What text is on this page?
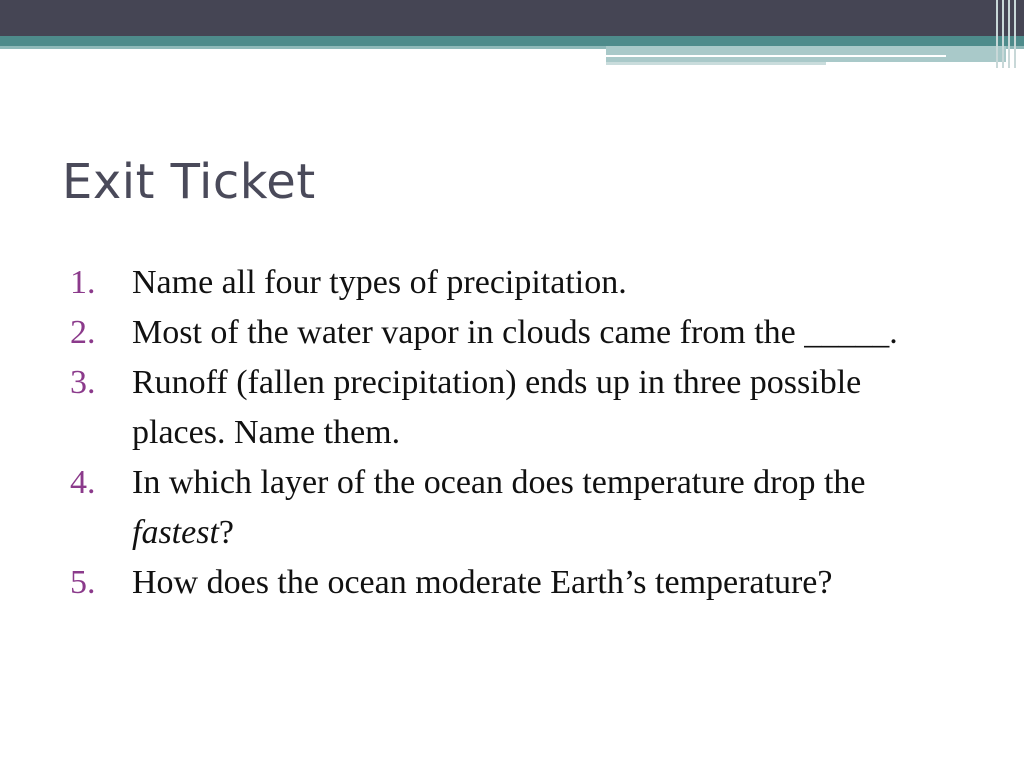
Exit Ticket
1.	Name all four types of precipitation.
2.	Most of the water vapor in clouds came from the _____.
3.	Runoff (fallen precipitation) ends up in three possible places. Name them.
4.	In which layer of the ocean does temperature drop the fastest?
5.	How does the ocean moderate Earth’s temperature?
